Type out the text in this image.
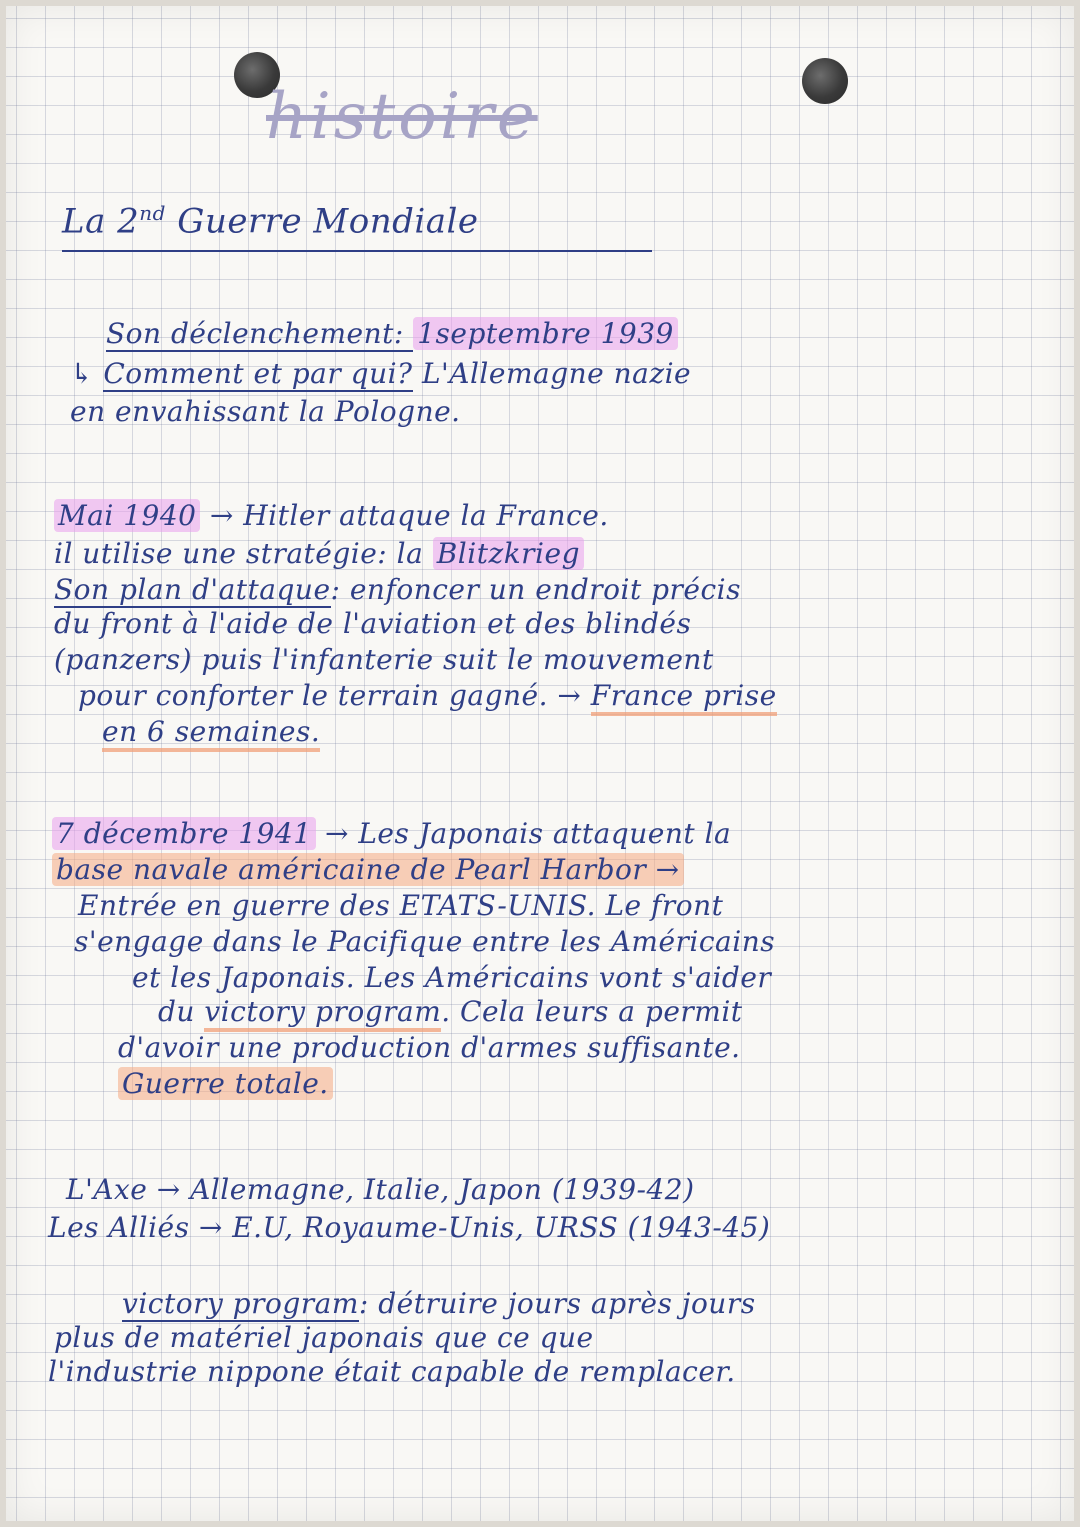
histoire
La 2nd Guerre Mondiale
Son déclenchement: 1septembre 1939
↳ Comment et par qui? L'Allemagne nazie
en envahissant la Pologne.
Mai 1940 → Hitler attaque la France.
il utilise une stratégie: la Blitzkrieg
Son plan d'attaque: enfoncer un endroit précis
du front à l'aide de l'aviation et des blindés
(panzers) puis l'infanterie suit le mouvement
pour conforter le terrain gagné. → France prise
en 6 semaines.
7 décembre 1941 → Les Japonais attaquent la
base navale américaine de Pearl Harbor →
Entrée en guerre des ETATS-UNIS. Le front
s'engage dans le Pacifique entre les Américains
et les Japonais. Les Américains vont s'aider
du victory program. Cela leurs a permit
d'avoir une production d'armes suffisante.
Guerre totale.
L'Axe → Allemagne, Italie, Japon (1939-42)
Les Alliés → E.U, Royaume-Unis, URSS (1943-45)
victory program: détruire jours après jours
plus de matériel japonais que ce que
l'industrie nippone était capable de remplacer.
